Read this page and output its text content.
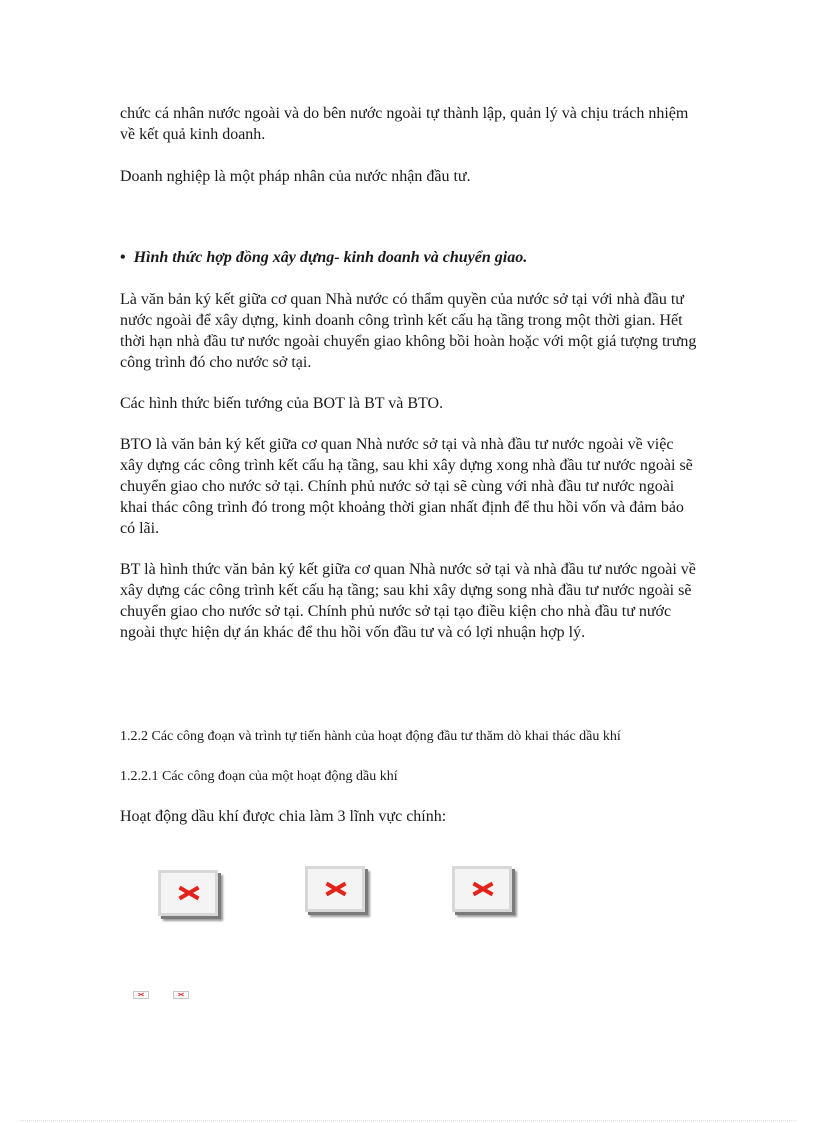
chức cá nhân nước ngoài và do bên nước ngoài tự thành lập, quản lý và chịu trách nhiệm về kết quả kinh doanh.

Doanh nghiệp là một pháp nhân của nước nhận đầu tư.

• Hình thức hợp đồng xây dựng- kinh doanh và chuyển giao.

Là văn bản ký kết giữa cơ quan Nhà nước có thẩm quyền của nước sở tại với nhà đầu tư nước ngoài để xây dựng, kinh doanh công trình kết cấu hạ tầng trong một thời gian. Hết thời hạn nhà đầu tư nước ngoài chuyển giao không bồi hoàn hoặc với một giá tượng trưng công trình đó cho nước sở tại.

Các hình thức biến tướng của BOT là BT và BTO.

BTO là văn bản ký kết giữa cơ quan Nhà nước sở tại và nhà đầu tư nước ngoài về việc xây dựng các công trình kết cấu hạ tầng, sau khi xây dựng xong nhà đầu tư nước ngoài sẽ chuyển giao cho nước sở tại. Chính phủ nước sở tại sẽ cùng với nhà đầu tư nước ngoài khai thác công trình đó trong một khoảng thời gian nhất định để thu hồi vốn và đảm bảo có lãi.

BT là hình thức văn bản ký kết giữa cơ quan Nhà nước sở tại và nhà đầu tư nước ngoài về xây dựng các công trình kết cấu hạ tầng; sau khi xây dựng song nhà đầu tư nước ngoài sẽ chuyển giao cho nước sở tại. Chính phủ nước sở tại tạo điều kiện cho nhà đầu tư nước ngoài thực hiện dự án khác để thu hồi vốn đầu tư và có lợi nhuận hợp lý.

1.2.2 Các công đoạn và trình tự tiến hành của hoạt động đầu tư thăm dò khai thác dầu khí

1.2.2.1 Các công đoạn của một hoạt động dầu khí

Hoạt động dầu khí được chia làm 3 lĩnh vực chính:
